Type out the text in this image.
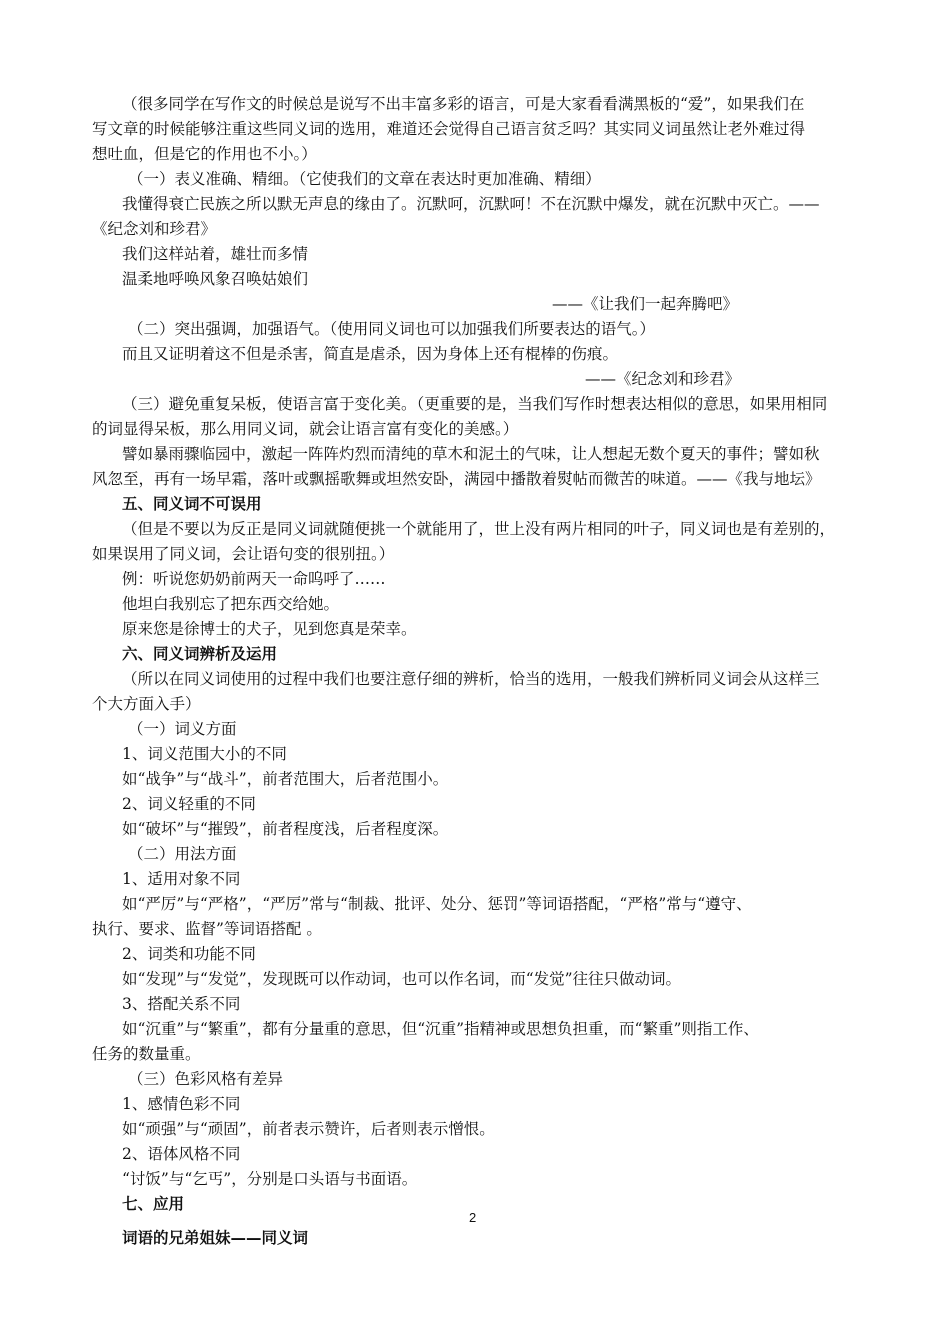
（很多同学在写作文的时候总是说写不出丰富多彩的语言，可是大家看看满黑板的“爱”，如果我们在
写文章的时候能够注重这些同义词的选用，难道还会觉得自己语言贫乏吗？其实同义词虽然让老外难过得
想吐血，但是它的作用也不小。）
（一）表义准确、精细。（它使我们的文章在表达时更加准确、精细）
我懂得衰亡民族之所以默无声息的缘由了。沉默呵，沉默呵！不在沉默中爆发，就在沉默中灭亡。——
《纪念刘和珍君》
我们这样站着，雄壮而多情
温柔地呼唤风象召唤姑娘们
——《让我们一起奔腾吧》
（二）突出强调，加强语气。（使用同义词也可以加强我们所要表达的语气。）
而且又证明着这不但是杀害，简直是虐杀，因为身体上还有棍棒的伤痕。
——《纪念刘和珍君》
（三）避免重复呆板，使语言富于变化美。（更重要的是，当我们写作时想表达相似的意思，如果用相同
的词显得呆板，那么用同义词，就会让语言富有变化的美感。）
譬如暴雨骤临园中，激起一阵阵灼烈而清纯的草木和泥土的气味，让人想起无数个夏天的事件；譬如秋
风忽至，再有一场早霜，落叶或飘摇歌舞或坦然安卧，满园中播散着熨帖而微苦的味道。——《我与地坛》
五、同义词不可误用
（但是不要以为反正是同义词就随便挑一个就能用了，世上没有两片相同的叶子，同义词也是有差别的，
如果误用了同义词，会让语句变的很别扭。）
例：听说您奶奶前两天一命呜呼了……
他坦白我别忘了把东西交给她。
原来您是徐博士的犬子，见到您真是荣幸。
六、同义词辨析及运用
（所以在同义词使用的过程中我们也要注意仔细的辨析，恰当的选用，一般我们辨析同义词会从这样三
个大方面入手）
（一）词义方面
1、词义范围大小的不同
如“战争”与“战斗”，前者范围大，后者范围小。
2、词义轻重的不同
如“破坏”与“摧毁”，前者程度浅，后者程度深。
（二）用法方面
1、适用对象不同
如“严厉”与“严格”，“严厉”常与“制裁、批评、处分、惩罚”等词语搭配，“严格”常与“遵守、
执行、要求、监督”等词语搭配 。
2、词类和功能不同
如“发现”与“发觉”，发现既可以作动词，也可以作名词，而“发觉”往往只做动词。
3、搭配关系不同
如“沉重”与“繁重”，都有分量重的意思，但“沉重”指精神或思想负担重，而“繁重”则指工作、
任务的数量重。
（三）色彩风格有差异
1、感情色彩不同
如“顽强”与“顽固”，前者表示赞许，后者则表示憎恨。
2、语体风格不同
“讨饭”与“乞丐”，分别是口头语与书面语。
七、应用
2
词语的兄弟姐妹——同义词
